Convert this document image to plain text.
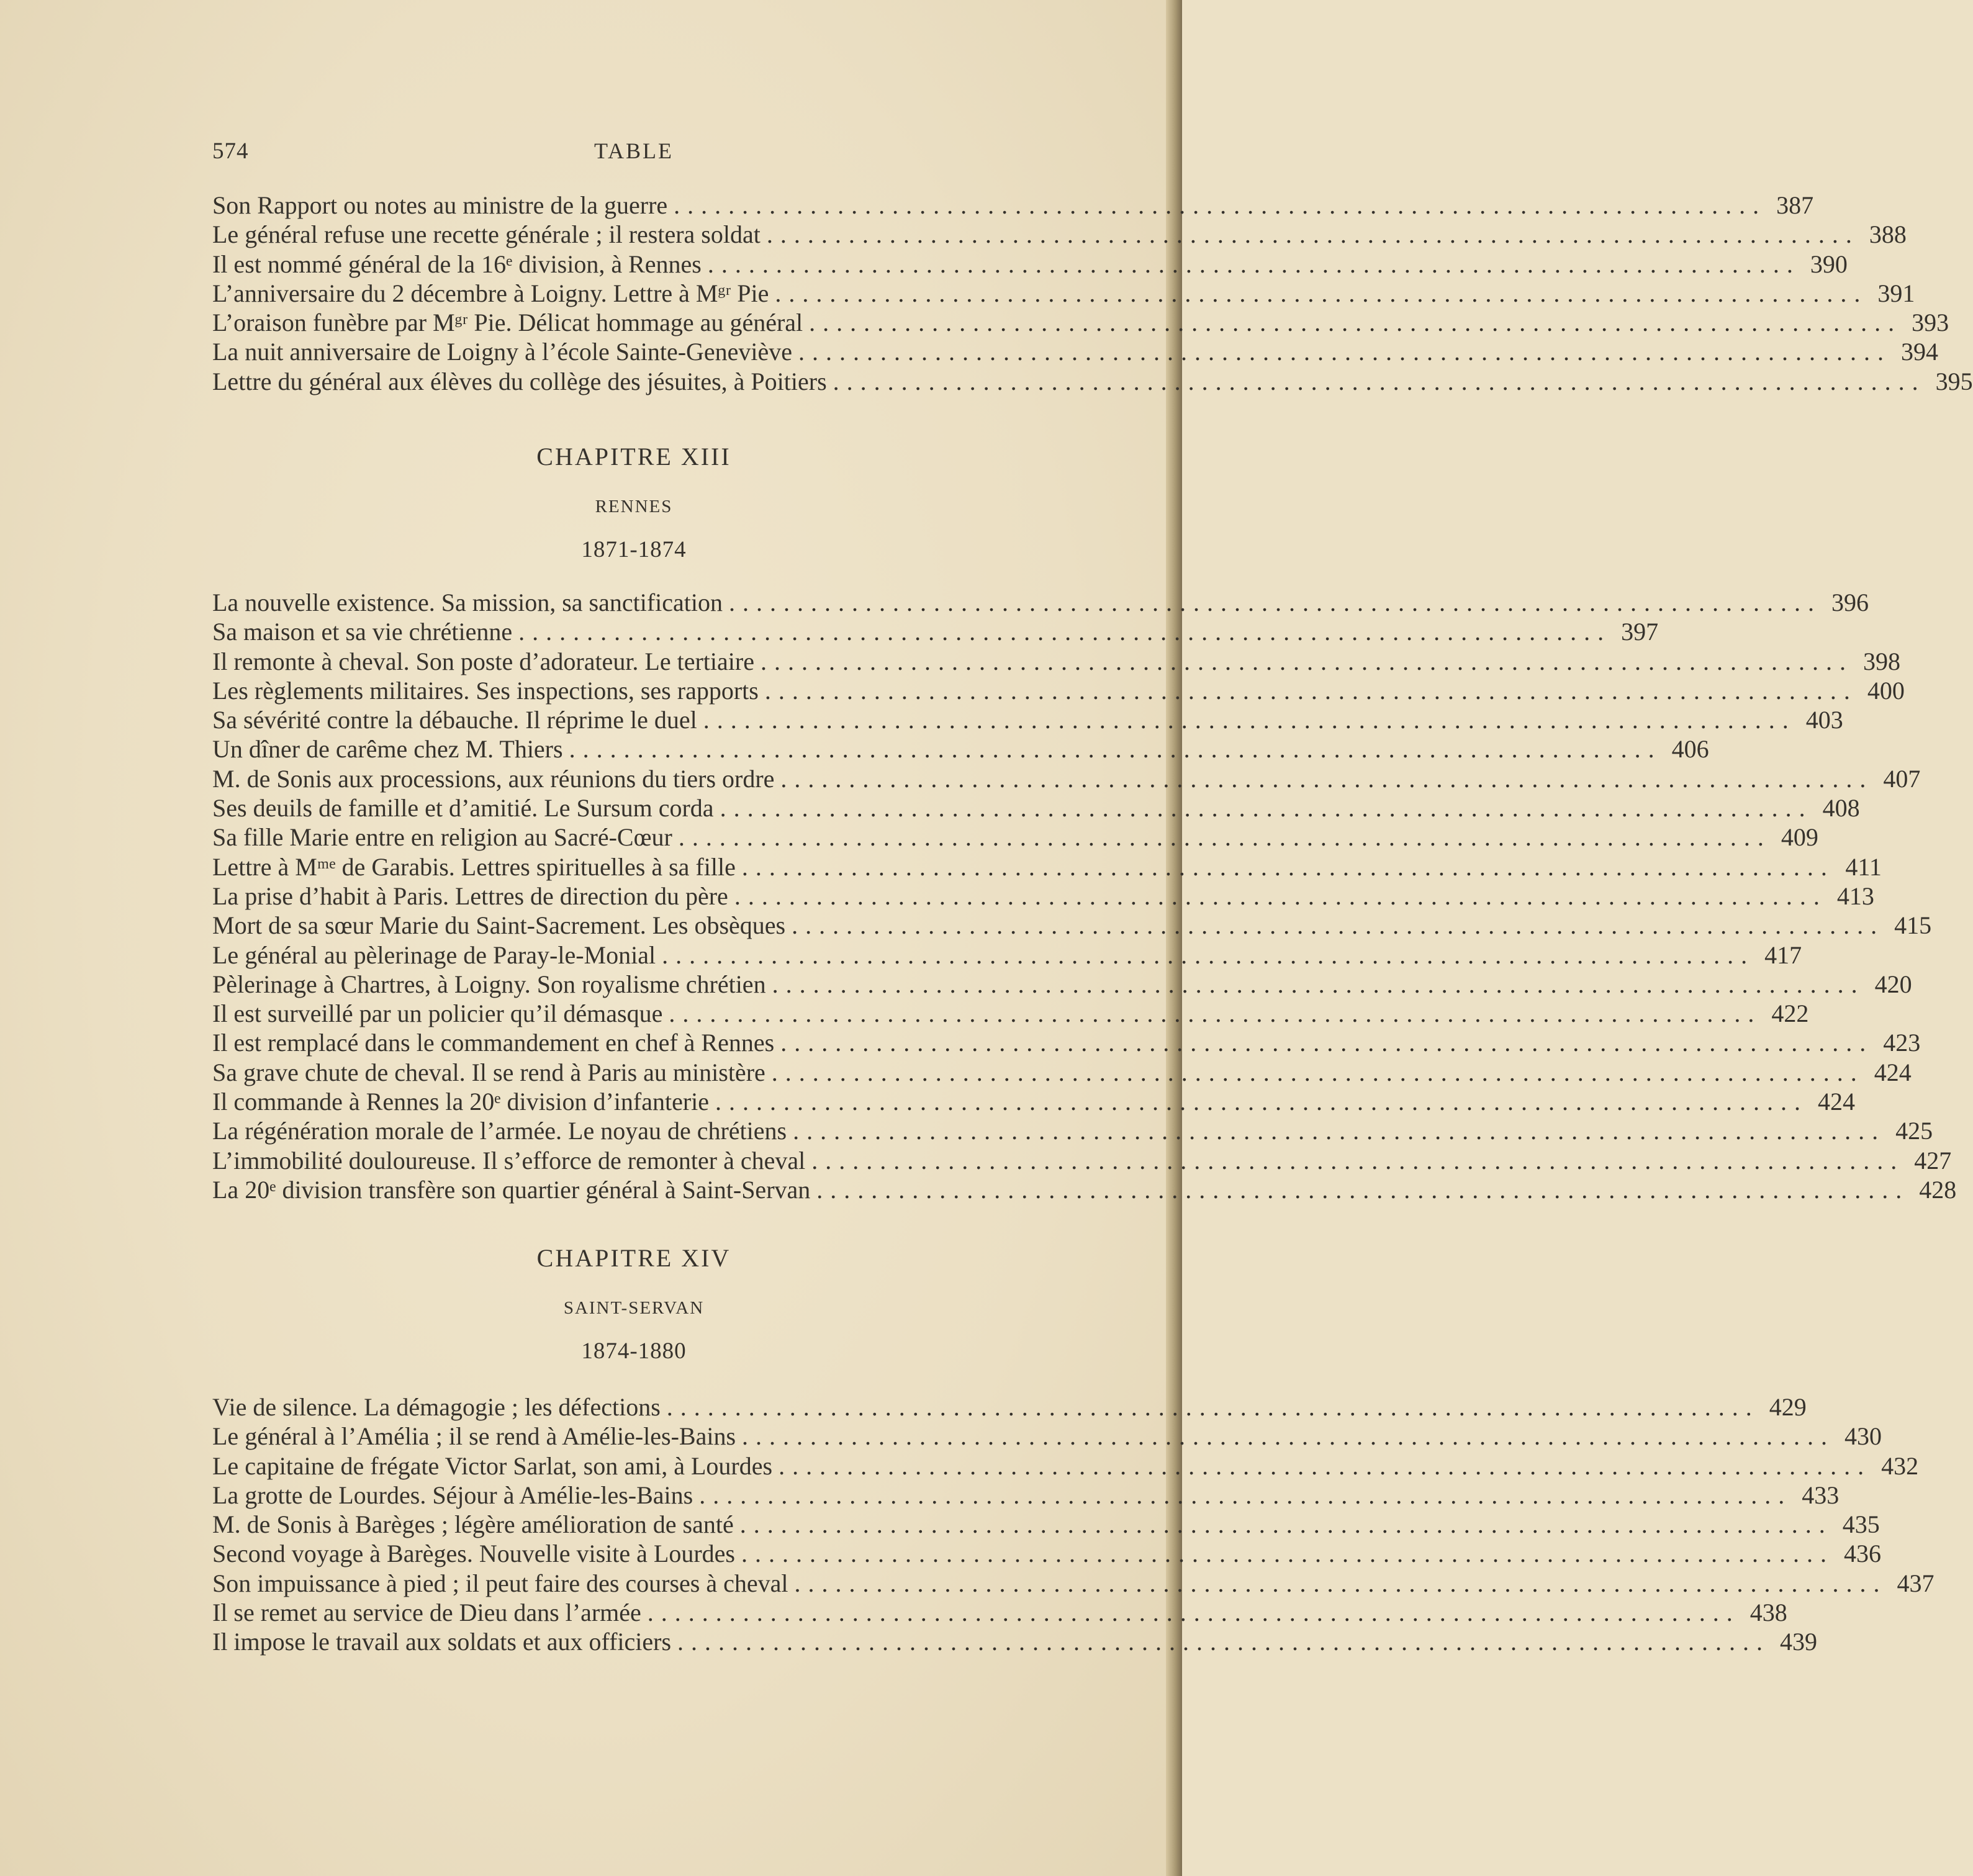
574	TABLE
Son Rapport ou notes au ministre de la guerre ................................................................................ 387
Le général refuse une recette générale ; il restera soldat ................................................................................ 388
Il est nommé général de la 16ᵉ division, à Rennes ................................................................................ 390
L’anniversaire du 2 décembre à Loigny. Lettre à Mᵍʳ Pie ................................................................................ 391
L’oraison funèbre par Mᵍʳ Pie. Délicat hommage au général ................................................................................ 393
La nuit anniversaire de Loigny à l’école Sainte-Geneviève ................................................................................ 394
Lettre du général aux élèves du collège des jésuites, à Poitiers ................................................................................ 395
CHAPITRE XIII
RENNES
1871-1874
La nouvelle existence. Sa mission, sa sanctification ................................................................................ 396
Sa maison et sa vie chrétienne ................................................................................ 397
Il remonte à cheval. Son poste d’adorateur. Le tertiaire ................................................................................ 398
Les règlements militaires. Ses inspections, ses rapports ................................................................................ 400
Sa sévérité contre la débauche. Il réprime le duel ................................................................................ 403
Un dîner de carême chez M. Thiers ................................................................................ 406
M. de Sonis aux processions, aux réunions du tiers ordre ................................................................................ 407
Ses deuils de famille et d’amitié. Le Sursum corda ................................................................................ 408
Sa fille Marie entre en religion au Sacré-Cœur ................................................................................ 409
Lettre à Mᵐᵉ de Garabis. Lettres spirituelles à sa fille ................................................................................ 411
La prise d’habit à Paris. Lettres de direction du père ................................................................................ 413
Mort de sa sœur Marie du Saint-Sacrement. Les obsèques ................................................................................ 415
Le général au pèlerinage de Paray-le-Monial ................................................................................ 417
Pèlerinage à Chartres, à Loigny. Son royalisme chrétien ................................................................................ 420
Il est surveillé par un policier qu’il démasque ................................................................................ 422
Il est remplacé dans le commandement en chef à Rennes ................................................................................ 423
Sa grave chute de cheval. Il se rend à Paris au ministère ................................................................................ 424
Il commande à Rennes la 20ᵉ division d’infanterie ................................................................................ 424
La régénération morale de l’armée. Le noyau de chrétiens ................................................................................ 425
L’immobilité douloureuse. Il s’efforce de remonter à cheval ................................................................................ 427
La 20ᵉ division transfère son quartier général à Saint-Servan ................................................................................ 428
CHAPITRE XIV
SAINT-SERVAN
1874-1880
Vie de silence. La démagogie ; les défections ................................................................................ 429
Le général à l’Amélia ; il se rend à Amélie-les-Bains ................................................................................ 430
Le capitaine de frégate Victor Sarlat, son ami, à Lourdes ................................................................................ 432
La grotte de Lourdes. Séjour à Amélie-les-Bains ................................................................................ 433
M. de Sonis à Barèges ; légère amélioration de santé ................................................................................ 435
Second voyage à Barèges. Nouvelle visite à Lourdes ................................................................................ 436
Son impuissance à pied ; il peut faire des courses à cheval ................................................................................ 437
Il se remet au service de Dieu dans l’armée ................................................................................ 438
Il impose le travail aux soldats et aux officiers ................................................................................ 439
